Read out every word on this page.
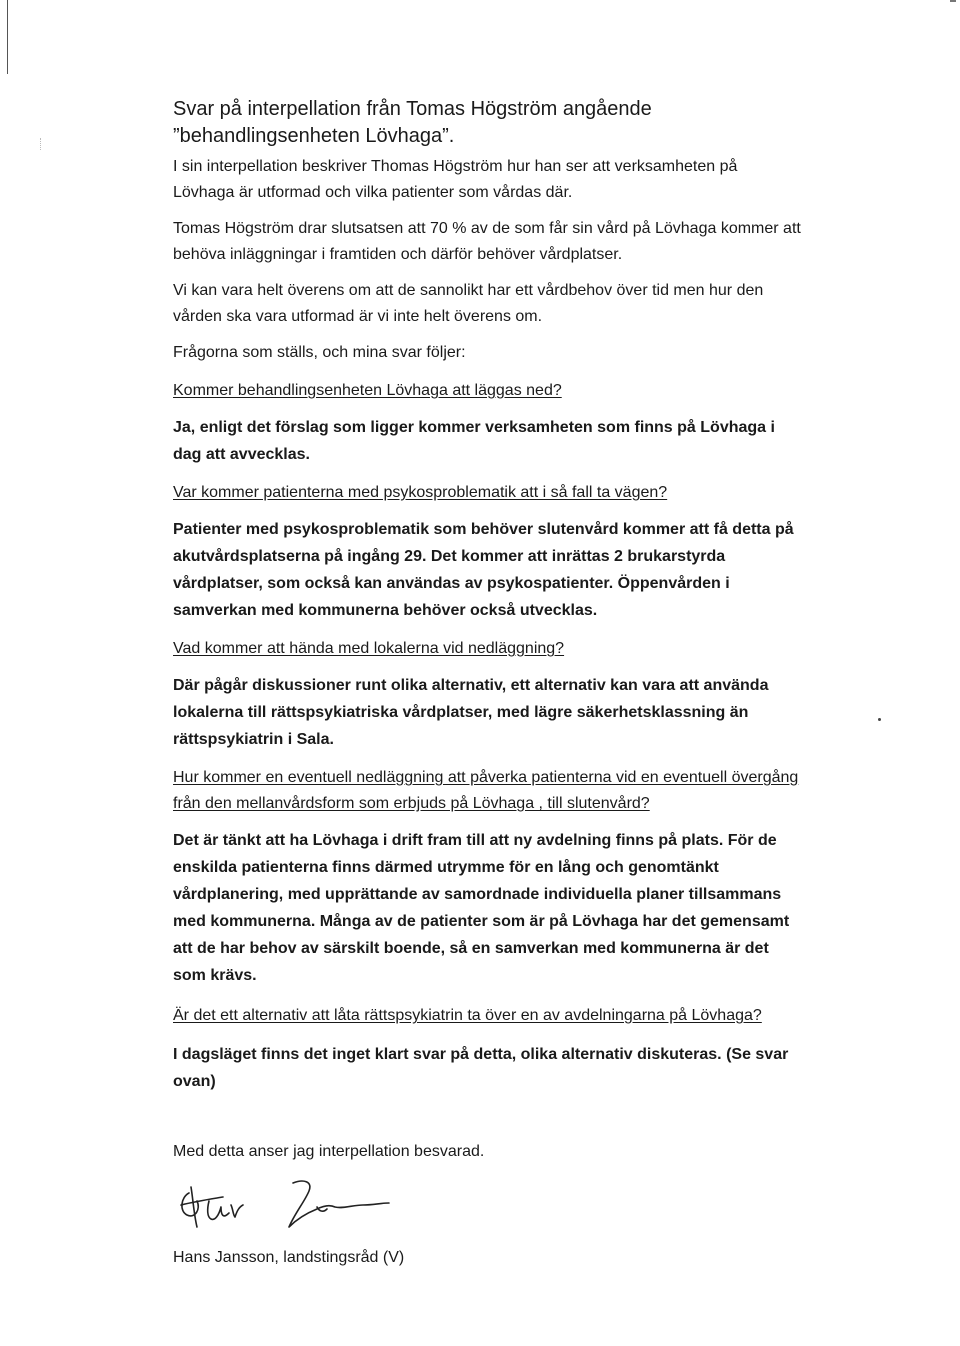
Svar på interpellation från Tomas Högström angående ”behandlingsenheten Lövhaga”.

I sin interpellation beskriver Thomas Högström hur han ser att verksamheten på Lövhaga är utformad och vilka patienter som vårdas där.

Tomas Högström drar slutsatsen att 70 % av de som får sin vård på Lövhaga kommer att behöva inläggningar i framtiden och därför behöver vårdplatser.

Vi kan vara helt överens om att de sannolikt har ett vårdbehov över tid men hur den vården ska vara utformad är vi inte helt överens om.

Frågorna som ställs, och mina svar följer:

Kommer behandlingsenheten Lövhaga att läggas ned?

Ja, enligt det förslag som ligger kommer verksamheten som finns på Lövhaga i dag att avvecklas.

Var kommer patienterna med psykosproblematik att i så fall ta vägen?

Patienter med psykosproblematik som behöver slutenvård kommer att få detta på akutvårdsplatserna på ingång 29. Det kommer att inrättas 2 brukarstyrda vårdplatser, som också kan användas av psykospatienter. Öppenvården i samverkan med kommunerna behöver också utvecklas.

Vad kommer att hända med lokalerna vid nedläggning?

Där pågår diskussioner runt olika alternativ, ett alternativ kan vara att använda lokalerna till rättspsykiatriska vårdplatser, med lägre säkerhetsklassning än rättspsykiatrin i Sala.

Hur kommer en eventuell nedläggning att påverka patienterna vid en eventuell övergång från den mellanvårdsform som erbjuds på Lövhaga , till slutenvård?

Det är tänkt att ha Lövhaga i drift fram till att ny avdelning finns på plats. För de enskilda patienterna finns därmed utrymme för en lång och genomtänkt vårdplanering, med upprättande av samordnade individuella planer tillsammans med kommunerna. Många av de patienter som är på Lövhaga har det gemensamt att de har behov av särskilt boende, så en samverkan med kommunerna är det som krävs.

Är det ett alternativ att låta rättspsykiatrin ta över en av avdelningarna på Lövhaga?

I dagsläget finns det inget klart svar på detta, olika alternativ diskuteras. (Se svar ovan)

Med detta anser jag interpellation besvarad.

Hans Jansson, landstingsråd (V)
